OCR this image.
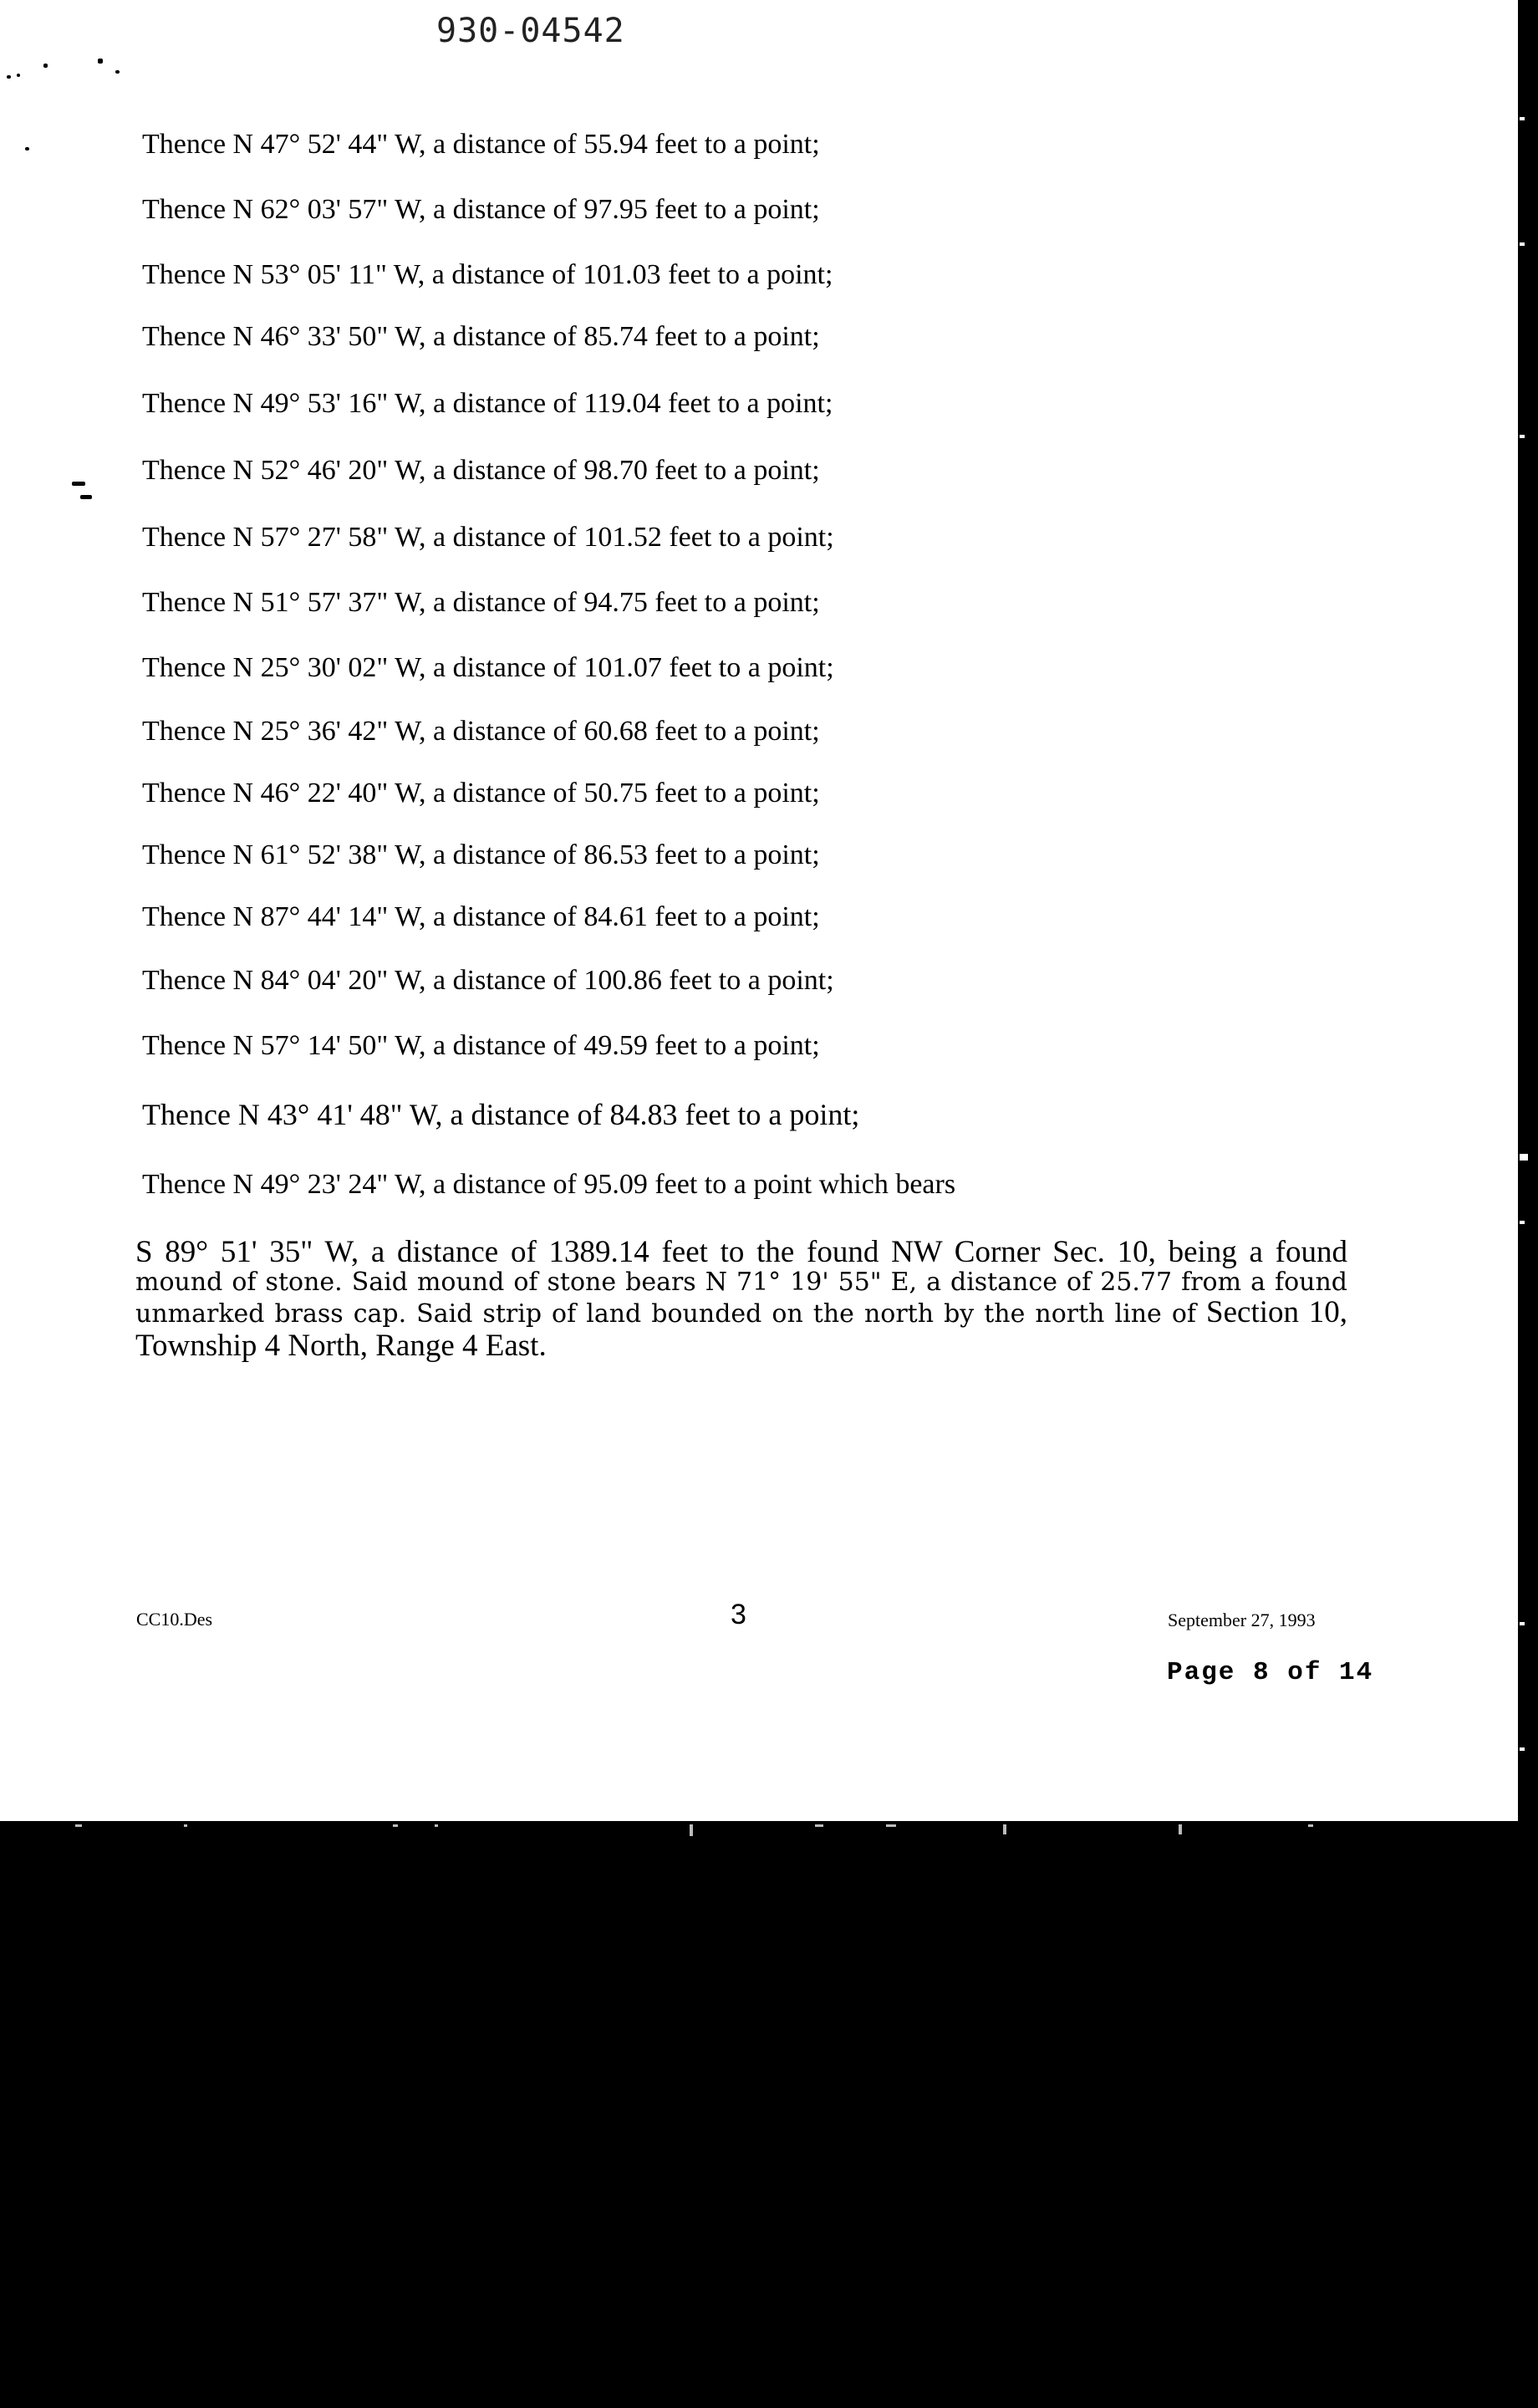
930-04542
Thence N 47° 52' 44" W, a distance of 55.94 feet to a point;
Thence N 62° 03' 57" W, a distance of 97.95 feet to a point;
Thence N 53° 05' 11" W, a distance of 101.03 feet to a point;
Thence N 46° 33' 50" W, a distance of 85.74 feet to a point;
Thence N 49° 53' 16" W, a distance of 119.04 feet to a point;
Thence N 52° 46' 20" W, a distance of 98.70 feet to a point;
Thence N 57° 27' 58" W, a distance of 101.52 feet to a point;
Thence N 51° 57' 37" W, a distance of 94.75 feet to a point;
Thence N 25° 30' 02" W, a distance of 101.07 feet to a point;
Thence N 25° 36' 42" W, a distance of 60.68 feet to a point;
Thence N 46° 22' 40" W, a distance of 50.75 feet to a point;
Thence N 61° 52' 38" W, a distance of 86.53 feet to a point;
Thence N 87° 44' 14" W, a distance of 84.61 feet to a point;
Thence N 84° 04' 20" W, a distance of 100.86 feet to a point;
Thence N 57° 14' 50" W, a distance of 49.59 feet to a point;
Thence N 43° 41' 48" W, a distance of 84.83 feet to a point;
Thence N 49° 23' 24" W, a distance of 95.09 feet to a point which bears
S 89° 51' 35" W, a distance of 1389.14 feet to the found NW Corner Sec. 10, being a found mound of stone. Said mound of stone bears N 71° 19' 55" E, a distance of 25.77 from a found unmarked brass cap. Said strip of land bounded on the north by the north line of Section 10, Township 4 North, Range 4 East.
CC10.Des	3	September 27, 1993
Page 8 of 14
